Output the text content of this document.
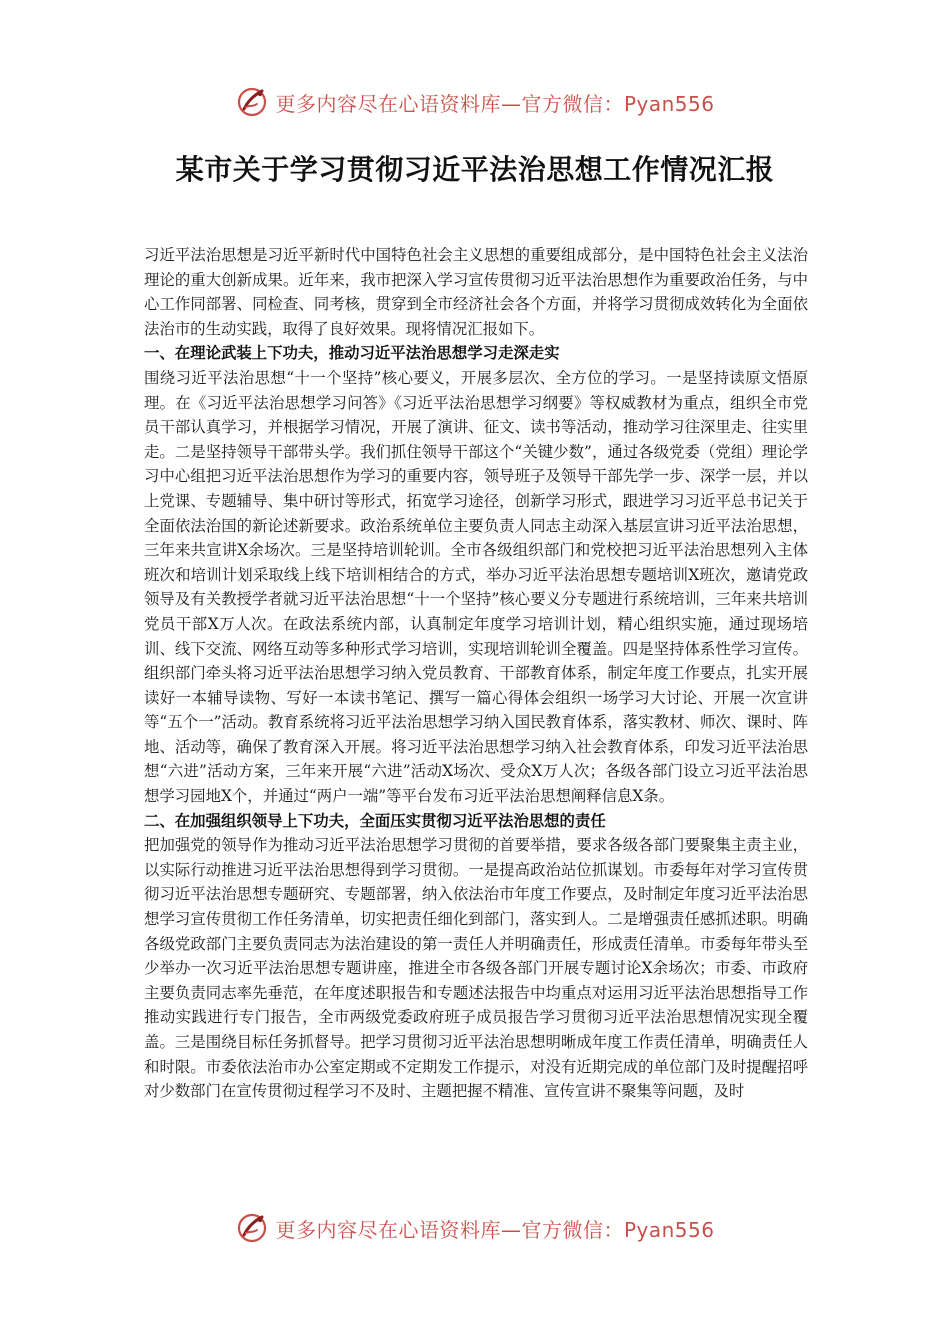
更多内容尽在心语资料库—官方微信：Pyan556
某市关于学习贯彻习近平法治思想工作情况汇报

习近平法治思想是习近平新时代中国特色社会主义思想的重要组成部分，是中国特色社会主义法治理论的重大创新成果。近年来，我市把深入学习宣传贯彻习近平法治思想作为重要政治任务，与中心工作同部署、同检查、同考核，贯穿到全市经济社会各个方面，并将学习贯彻成效转化为全面依法治市的生动实践，取得了良好效果。现将情况汇报如下。

一、在理论武装上下功夫，推动习近平法治思想学习走深走实

围绕习近平法治思想“十一个坚持”核心要义，开展多层次、全方位的学习。一是坚持读原文悟原理。在《习近平法治思想学习问答》《习近平法治思想学习纲要》等权威教材为重点，组织全市党员干部认真学习，并根据学习情况，开展了演讲、征文、读书等活动，推动学习往深里走、往实里走。二是坚持领导干部带头学。我们抓住领导干部这个“关键少数”，通过各级党委（党组）理论学习中心组把习近平法治思想作为学习的重要内容，领导班子及领导干部先学一步、深学一层，并以上党课、专题辅导、集中研讨等形式，拓宽学习途径，创新学习形式，跟进学习习近平总书记关于全面依法治国的新论述新要求。政治系统单位主要负责人同志主动深入基层宣讲习近平法治思想，三年来共宣讲X余场次。三是坚持培训轮训。全市各级组织部门和党校把习近平法治思想列入主体班次和培训计划采取线上线下培训相结合的方式，举办习近平法治思想专题培训X班次，邀请党政领导及有关教授学者就习近平法治思想“十一个坚持”核心要义分专题进行系统培训，三年来共培训党员干部X万人次。在政法系统内部，认真制定年度学习培训计划，精心组织实施，通过现场培训、线下交流、网络互动等多种形式学习培训，实现培训轮训全覆盖。四是坚持体系性学习宣传。组织部门牵头将习近平法治思想学习纳入党员教育、干部教育体系，制定年度工作要点，扎实开展读好一本辅导读物、写好一本读书笔记、撰写一篇心得体会组织一场学习大讨论、开展一次宣讲等“五个一”活动。教育系统将习近平法治思想学习纳入国民教育体系，落实教材、师次、课时、阵地、活动等，确保了教育深入开展。将习近平法治思想学习纳入社会教育体系，印发习近平法治思想“六进”活动方案，三年来开展“六进”活动X场次、受众X万人次；各级各部门设立习近平法治思想学习园地X个，并通过“两户一端”等平台发布习近平法治思想阐释信息X条。

二、在加强组织领导上下功夫，全面压实贯彻习近平法治思想的责任

把加强党的领导作为推动习近平法治思想学习贯彻的首要举措，要求各级各部门要聚集主责主业，以实际行动推进习近平法治思想得到学习贯彻。一是提高政治站位抓谋划。市委每年对学习宣传贯彻习近平法治思想专题研究、专题部署，纳入依法治市年度工作要点，及时制定年度习近平法治思想学习宣传贯彻工作任务清单，切实把责任细化到部门，落实到人。二是增强责任感抓述职。明确各级党政部门主要负责同志为法治建设的第一责任人并明确责任，形成责任清单。市委每年带头至少举办一次习近平法治思想专题讲座，推进全市各级各部门开展专题讨论X余场次；市委、市政府主要负责同志率先垂范，在年度述职报告和专题述法报告中均重点对运用习近平法治思想指导工作推动实践进行专门报告，全市两级党委政府班子成员报告学习贯彻习近平法治思想情况实现全覆盖。三是围绕目标任务抓督导。把学习贯彻习近平法治思想明晰成年度工作责任清单，明确责任人和时限。市委依法治市办公室定期或不定期发工作提示，对没有近期完成的单位部门及时提醒招呼对少数部门在宣传贯彻过程学习不及时、主题把握不精准、宣传宣讲不聚集等问题，及时

更多内容尽在心语资料库—官方微信：Pyan556
